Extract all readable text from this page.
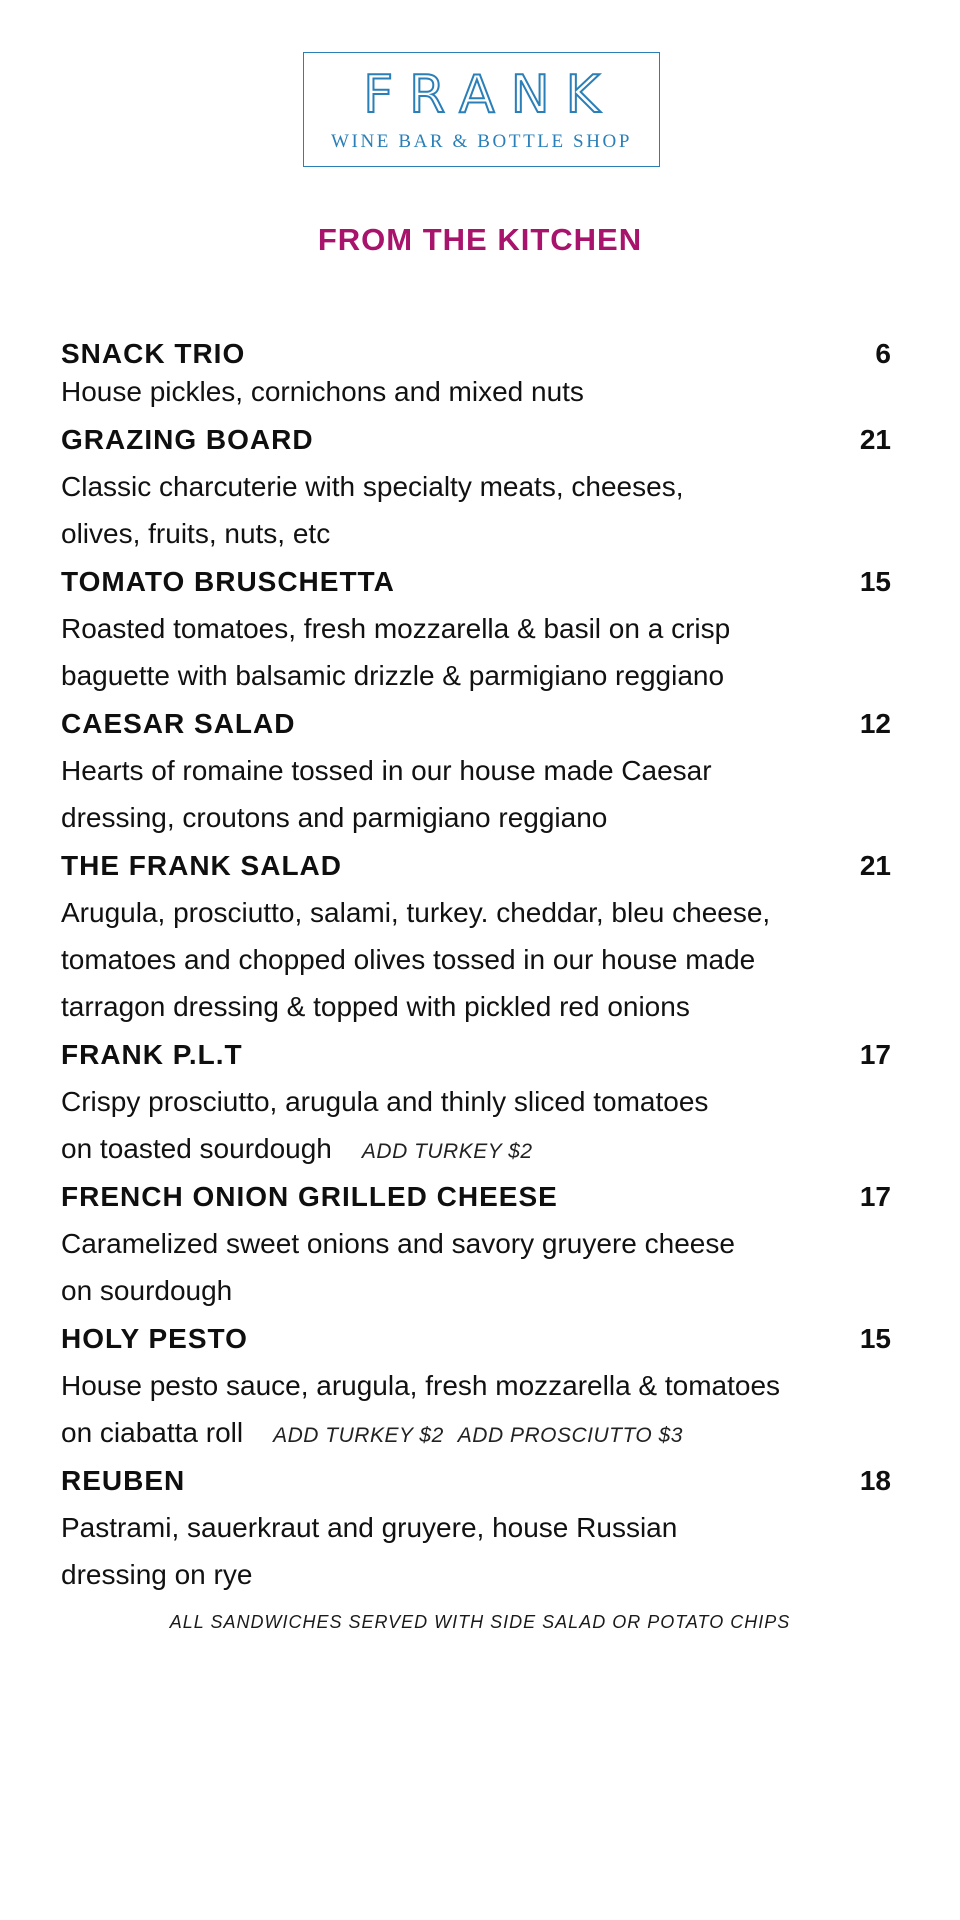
FRANK
WINE BAR & BOTTLE SHOP
FROM THE KITCHEN
SNACK TRIO	6
House pickles, cornichons and mixed nuts
GRAZING BOARD	21
Classic charcuterie with specialty meats, cheeses,
olives, fruits, nuts, etc
TOMATO BRUSCHETTA	15
Roasted tomatoes, fresh mozzarella & basil on a crisp
baguette with balsamic drizzle & parmigiano reggiano
CAESAR SALAD	12
Hearts of romaine tossed in our house made Caesar
dressing, croutons and parmigiano reggiano
THE FRANK SALAD	21
Arugula, prosciutto, salami, turkey. cheddar, bleu cheese,
tomatoes and chopped olives tossed in our house made
tarragon dressing & topped with pickled red onions
FRANK P.L.T	17
Crispy prosciutto, arugula and thinly sliced tomatoes
on toasted sourdough ADD TURKEY $2
FRENCH ONION GRILLED CHEESE	17
Caramelized sweet onions and savory gruyere cheese
on sourdough
HOLY PESTO	15
House pesto sauce, arugula, fresh mozzarella & tomatoes
on ciabatta roll ADD TURKEY $2 ADD PROSCIUTTO $3
REUBEN	18
Pastrami, sauerkraut and gruyere, house Russian
dressing on rye
ALL SANDWICHES SERVED WITH SIDE SALAD OR POTATO CHIPS
